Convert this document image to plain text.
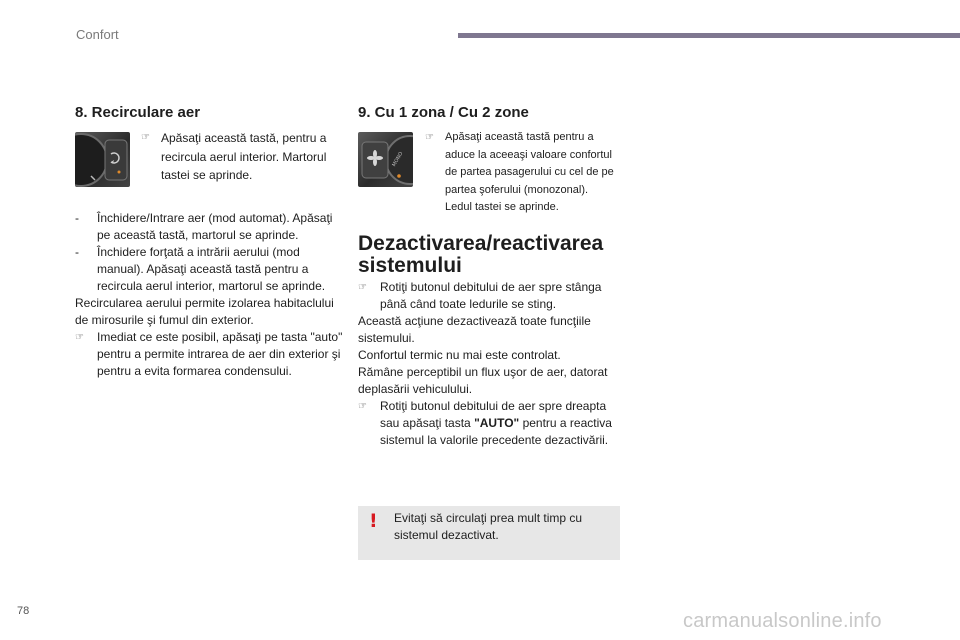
Confort
8. Recirculare aer
☞ Apăsaţi această tastă, pentru a recircula aerul interior. Martorul tastei se aprinde.
-	Închidere/Intrare aer (mod automat). Apăsaţi pe această tastă, martorul se aprinde.
-	Închidere forţată a intrării aerului (mod manual). Apăsaţi această tastă pentru a recircula aerul interior, martorul se aprinde.
Recircularea aerului permite izolarea habitaclului de mirosurile şi fumul din exterior.
☞	Imediat ce este posibil, apăsaţi pe tasta "auto" pentru a permite intrarea de aer din exterior şi pentru a evita formarea condensului.
9. Cu 1 zona / Cu 2 zone
MONO
☞	Apăsaţi această tastă pentru a aduce la aceeaşi valoare confortul de partea pasagerului cu cel de pe partea şoferului (monozonal). Ledul tastei se aprinde.
Dezactivarea/reactivarea sistemului
☞	Rotiţi butonul debitului de aer spre stânga până când toate ledurile se sting.
Această acţiune dezactivează toate funcţiile sistemului.
Confortul termic nu mai este controlat.
Rămâne perceptibil un flux uşor de aer, datorat deplasării vehiculului.
☞	Rotiţi butonul debitului de aer spre dreapta sau apăsaţi tasta "AUTO" pentru a reactiva sistemul la valorile precedente dezactivării.
! Evitaţi să circulaţi prea mult timp cu sistemul dezactivat.
78	carmanualsonline.info
